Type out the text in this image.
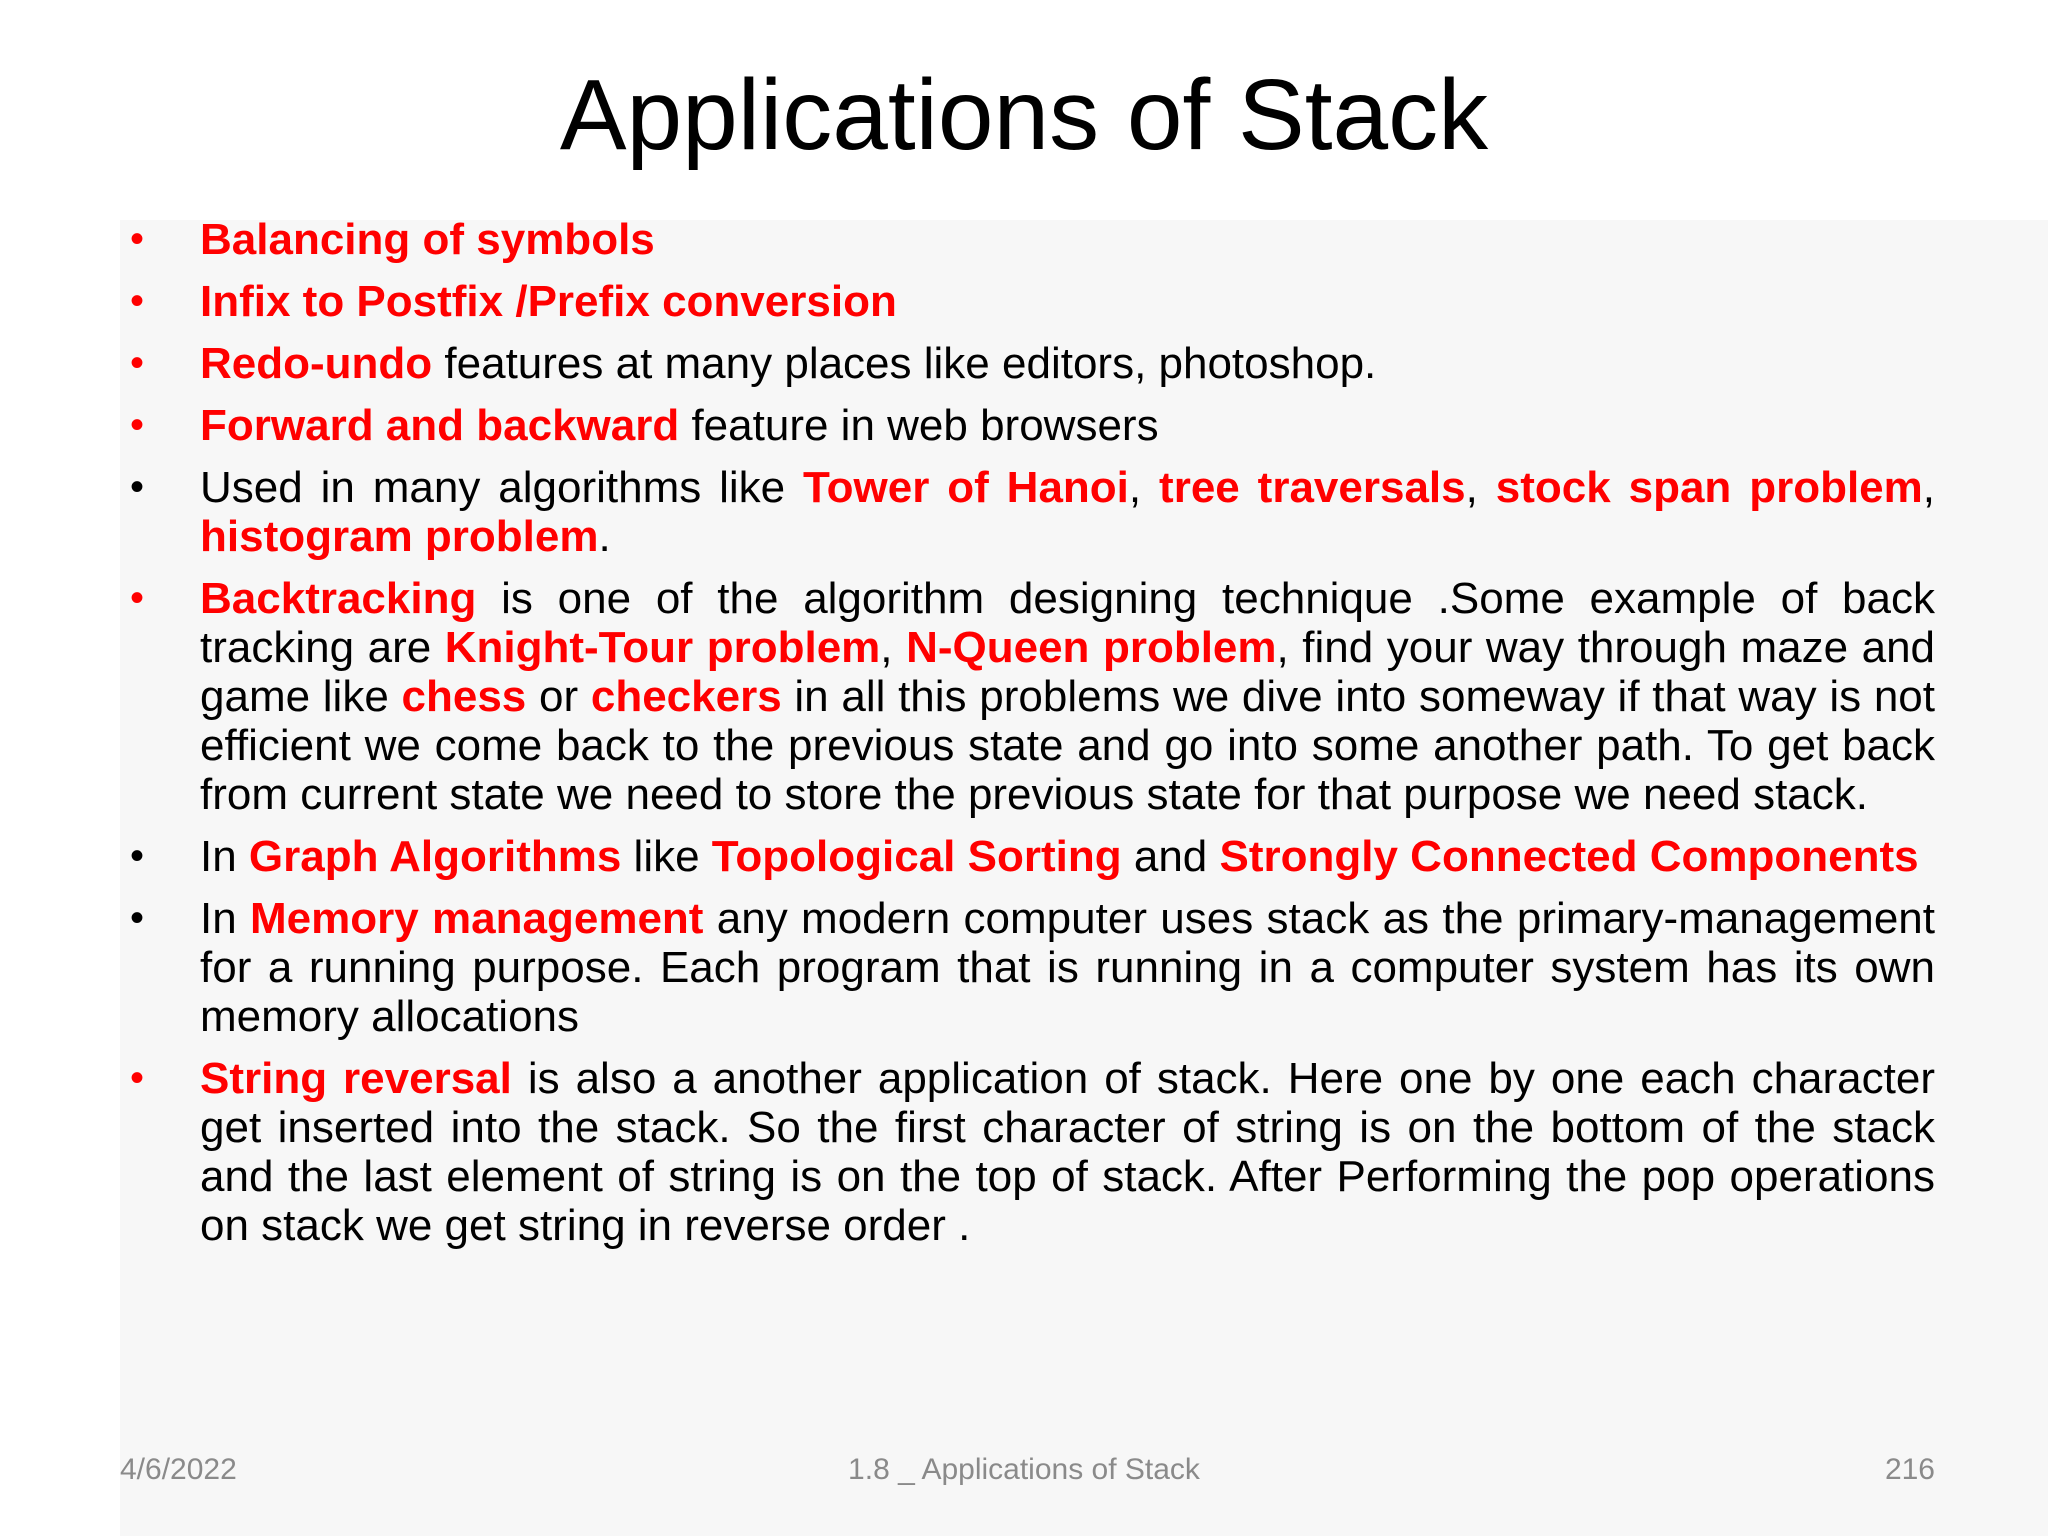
Applications of Stack
• Balancing of symbols
• Infix to Postfix /Prefix conversion
• Redo-undo features at many places like editors, photoshop.
• Forward and backward feature in web browsers
• Used in many algorithms like Tower of Hanoi, tree traversals, stock span problem, histogram problem.
• Backtracking is one of the algorithm designing technique .Some example of back tracking are Knight-Tour problem, N-Queen problem, find your way through maze and game like chess or checkers in all this problems we dive into someway if that way is not efficient we come back to the previous state and go into some another path. To get back from current state we need to store the previous state for that purpose we need stack.
• In Graph Algorithms like Topological Sorting and Strongly Connected Components
• In Memory management any modern computer uses stack as the primary-management for a running purpose. Each program that is running in a computer system has its own memory allocations
• String reversal is also a another application of stack. Here one by one each character get inserted into the stack. So the first character of string is on the bottom of the stack and the last element of string is on the top of stack. After Performing the pop operations on stack we get string in reverse order .
4/6/2022	1.8 _ Applications of Stack	216
